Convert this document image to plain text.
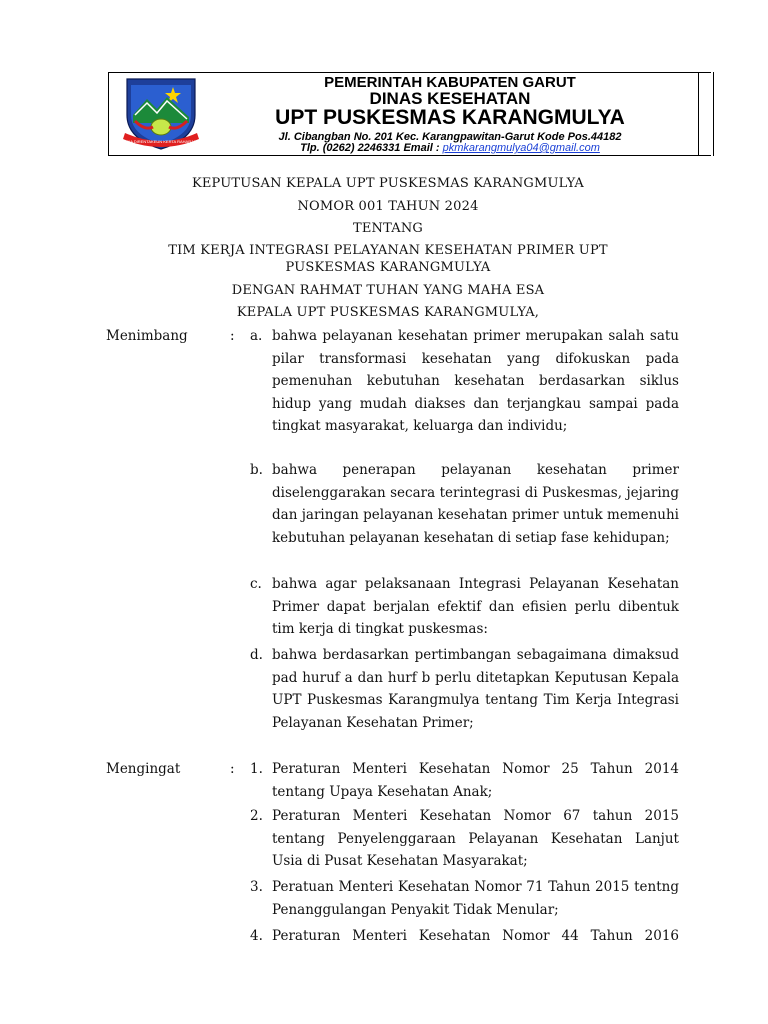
DIA DIRENTAKEUN KERTA RAHARJA
PEMERINTAH KABUPATEN GARUT
DINAS KESEHATAN
UPT PUSKESMAS KARANGMULYA
Jl. Cibangban No. 201 Kec. Karangpawitan-Garut Kode Pos.44182
Tlp. (0262) 2246331 Email : pkmkarangmulya04@gmail.com
KEPUTUSAN KEPALA UPT PUSKESMAS KARANGMULYA
NOMOR 001 TAHUN 2024
TENTANG
TIM KERJA INTEGRASI PELAYANAN KESEHATAN PRIMER UPT
PUSKESMAS KARANGMULYA
DENGAN RAHMAT TUHAN YANG MAHA ESA
KEPALA UPT PUSKESMAS KARANGMULYA,
Menimbang	: a. bahwa pelayanan kesehatan primer merupakan salah satu pilar transformasi kesehatan yang difokuskan pada pemenuhan kebutuhan kesehatan berdasarkan siklus hidup yang mudah diakses dan terjangkau sampai pada tingkat masyarakat, keluarga dan individu;
b. bahwa penerapan pelayanan kesehatan primer diselenggarakan secara terintegrasi di Puskesmas, jejaring dan jaringan pelayanan kesehatan primer untuk memenuhi kebutuhan pelayanan kesehatan di setiap fase kehidupan;
c. bahwa agar pelaksanaan Integrasi Pelayanan Kesehatan Primer dapat berjalan efektif dan efisien perlu dibentuk tim kerja di tingkat puskesmas:
d. bahwa berdasarkan pertimbangan sebagaimana dimaksud pad huruf a dan hurf b perlu ditetapkan Keputusan Kepala UPT Puskesmas Karangmulya tentang Tim Kerja Integrasi Pelayanan Kesehatan Primer;
Mengingat	: 1. Peraturan Menteri Kesehatan Nomor 25 Tahun 2014 tentang Upaya Kesehatan Anak;
2. Peraturan Menteri Kesehatan Nomor 67 tahun 2015 tentang Penyelenggaraan Pelayanan Kesehatan Lanjut Usia di Pusat Kesehatan Masyarakat;
3. Peratuan Menteri Kesehatan Nomor 71 Tahun 2015 tentng Penanggulangan Penyakit Tidak Menular;
4. Peraturan Menteri Kesehatan Nomor 44 Tahun 2016
